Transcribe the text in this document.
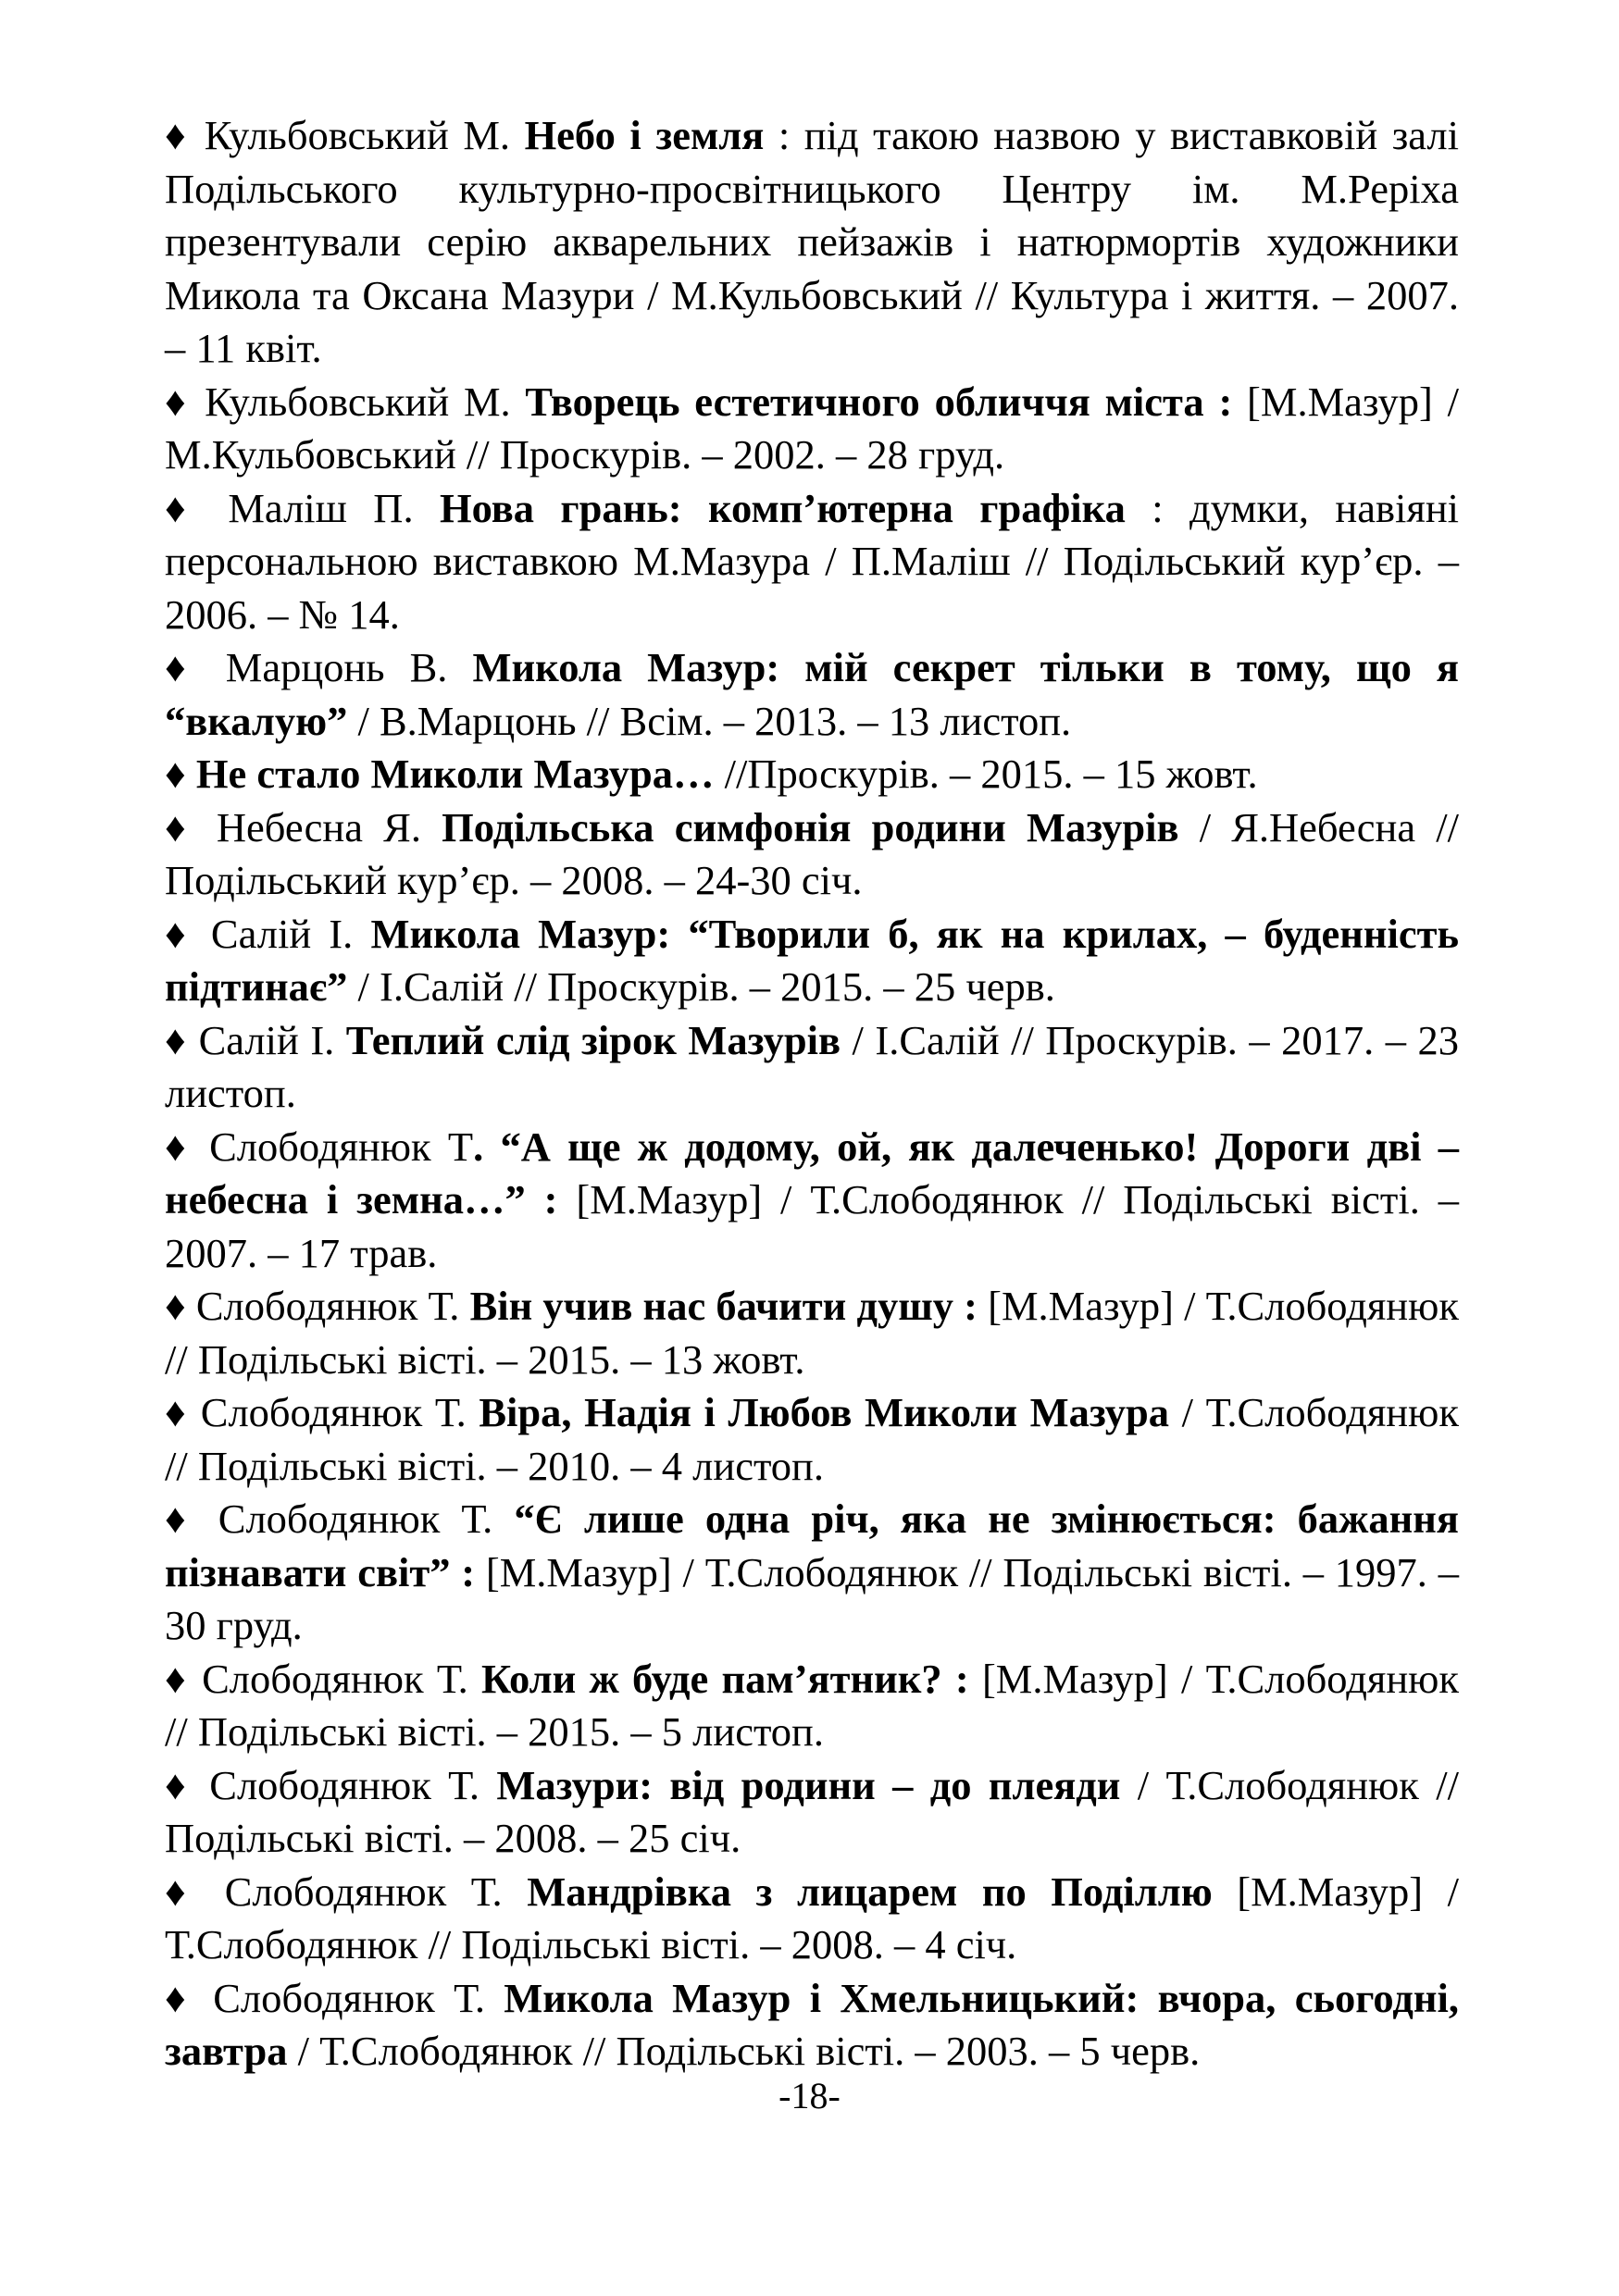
♦ Кульбовський М. Небо і земля : під такою назвою у виставковій залі Подільського культурно-просвітницького Центру ім. М.Реріха презентували серію акварельних пейзажів і натюрмортів художники Микола та Оксана Мазури / М.Кульбовський // Культура і життя. – 2007. – 11 квіт.

♦ Кульбовський М. Творець естетичного обличчя міста : [М.Мазур] / М.Кульбовський // Проскурів. – 2002. – 28 груд.

♦ Маліш П. Нова грань: комп’ютерна графіка : думки, навіяні персональною виставкою М.Мазура / П.Маліш // Подільський кур’єр. – 2006. – № 14.

♦ Марцонь В. Микола Мазур: мій секрет тільки в тому, що я “вкалую” / В.Марцонь // Всім. – 2013. – 13 листоп.

♦ Не стало Миколи Мазура… //Проскурів. – 2015. – 15 жовт.

♦ Небесна Я. Подільська симфонія родини Мазурів / Я.Небесна // Подільський кур’єр. – 2008. – 24-30 січ.

♦ Салій І. Микола Мазур: “Творили б, як на крилах, – буденність підтинає” / І.Салій // Проскурів. – 2015. – 25 черв.

♦ Салій І. Теплий слід зірок Мазурів / І.Салій // Проскурів. – 2017. – 23 листоп.

♦ Слободянюк Т. “А ще ж додому, ой, як далеченько! Дороги дві – небесна і земна…” : [М.Мазур] / Т.Слободянюк // Подільські вісті. – 2007. – 17 трав.

♦ Слободянюк Т. Він учив нас бачити душу : [М.Мазур] / Т.Слободянюк // Подільські вісті. – 2015. – 13 жовт.

♦ Слободянюк Т. Віра, Надія і Любов Миколи Мазура / Т.Слободянюк // Подільські вісті. – 2010. – 4 листоп.

♦ Слободянюк Т. “Є лише одна річ, яка не змінюється: бажання пізнавати світ” : [М.Мазур] / Т.Слободянюк // Подільські вісті. – 1997. – 30 груд.

♦ Слободянюк Т. Коли ж буде пам’ятник? : [М.Мазур] / Т.Слободянюк // Подільські вісті. – 2015. – 5 листоп.

♦ Слободянюк Т. Мазури: від родини – до плеяди / Т.Слободянюк // Подільські вісті. – 2008. – 25 січ.

♦ Слободянюк Т. Мандрівка з лицарем по Поділлю [М.Мазур] / Т.Слободянюк // Подільські вісті. – 2008. – 4 січ.

♦ Слободянюк Т. Микола Мазур і Хмельницький: вчора, сьогодні, завтра / Т.Слободянюк // Подільські вісті. – 2003. – 5 черв.

-18-
